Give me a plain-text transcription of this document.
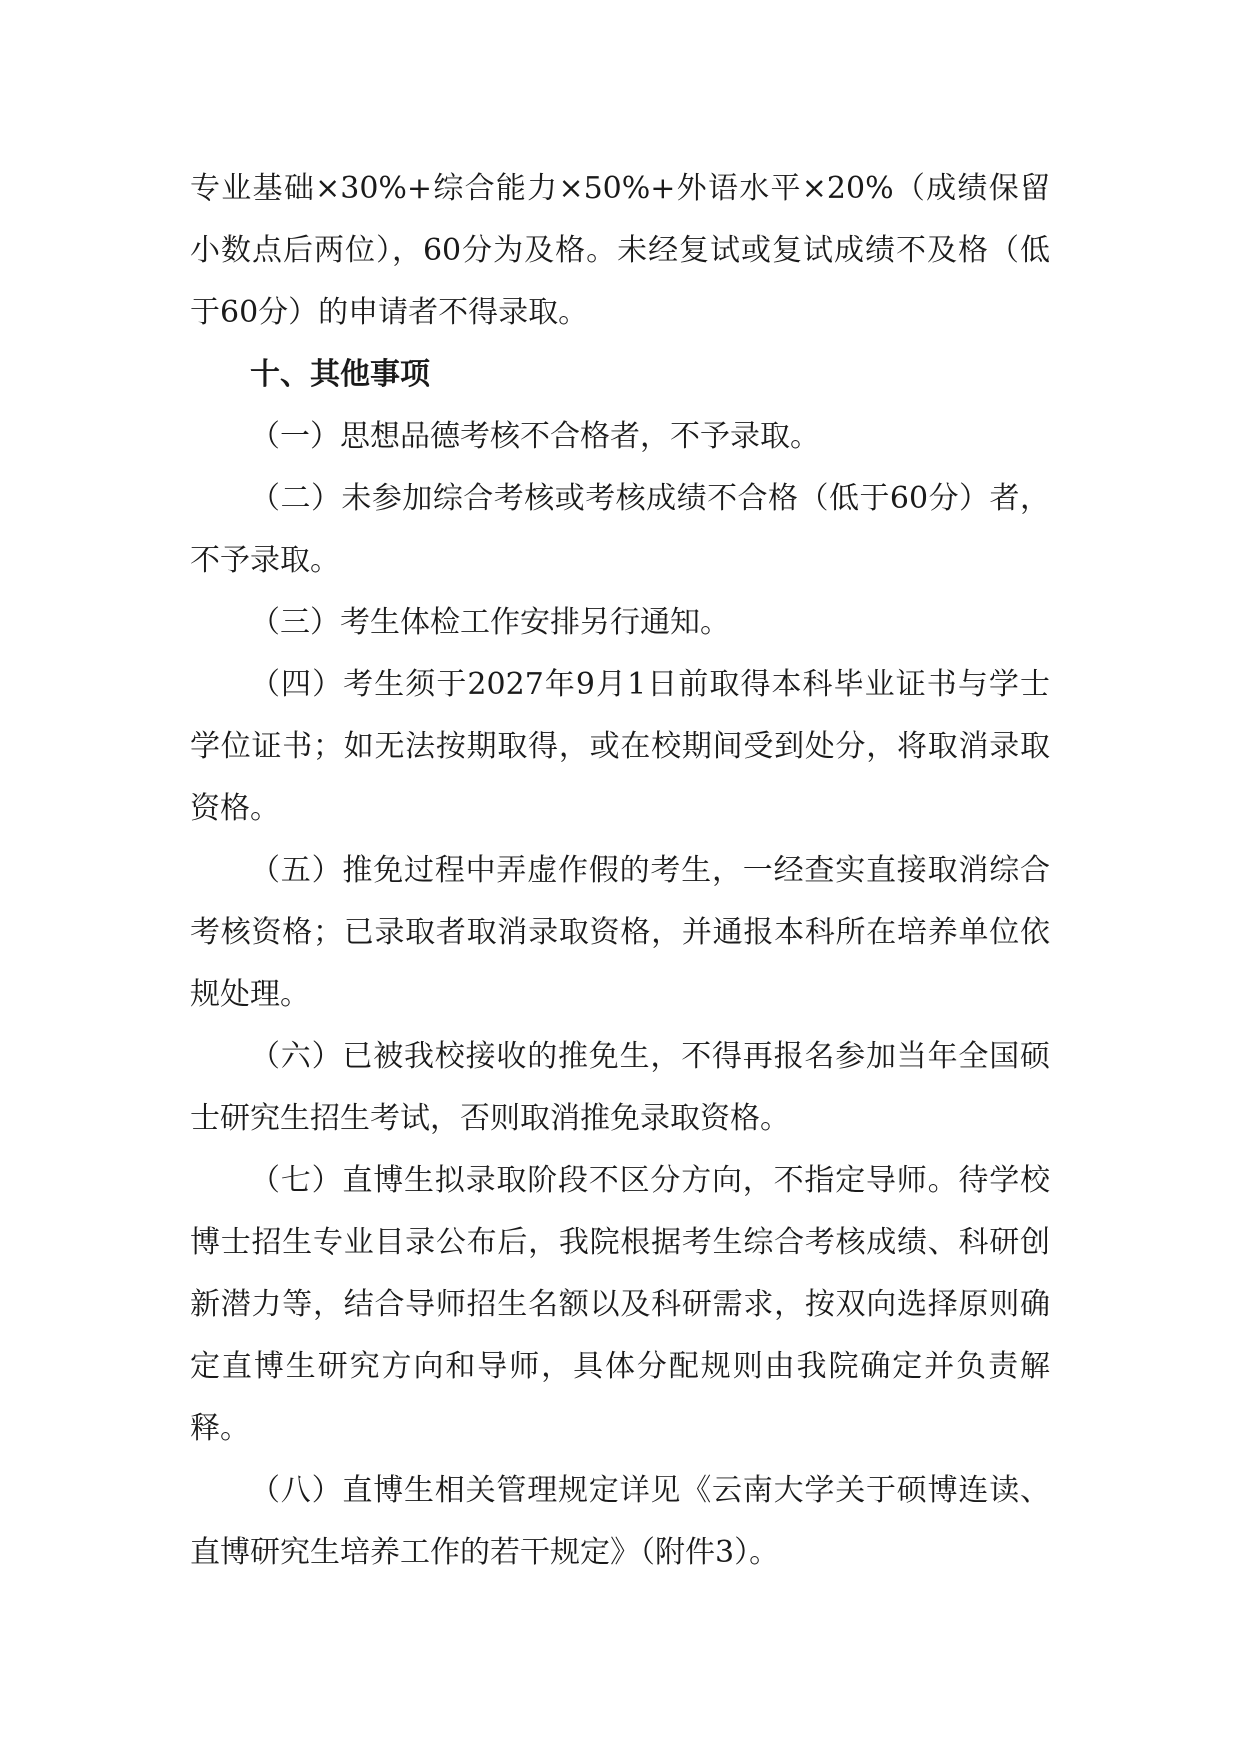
专业基础×30%+综合能力×50%+外语水平×20%（成绩保留小数点后两位），60分为及格。未经复试或复试成绩不及格（低于60分）的申请者不得录取。

十、其他事项

（一）思想品德考核不合格者，不予录取。

（二）未参加综合考核或考核成绩不合格（低于60分）者，不予录取。

（三）考生体检工作安排另行通知。

（四）考生须于2027年9月1日前取得本科毕业证书与学士学位证书；如无法按期取得，或在校期间受到处分，将取消录取资格。

（五）推免过程中弄虚作假的考生，一经查实直接取消综合考核资格；已录取者取消录取资格，并通报本科所在培养单位依规处理。

（六）已被我校接收的推免生，不得再报名参加当年全国硕士研究生招生考试，否则取消推免录取资格。

（七）直博生拟录取阶段不区分方向，不指定导师。待学校博士招生专业目录公布后，我院根据考生综合考核成绩、科研创新潜力等，结合导师招生名额以及科研需求，按双向选择原则确定直博生研究方向和导师，具体分配规则由我院确定并负责解释。

（八）直博生相关管理规定详见《云南大学关于硕博连读、直博研究生培养工作的若干规定》（附件3）。
